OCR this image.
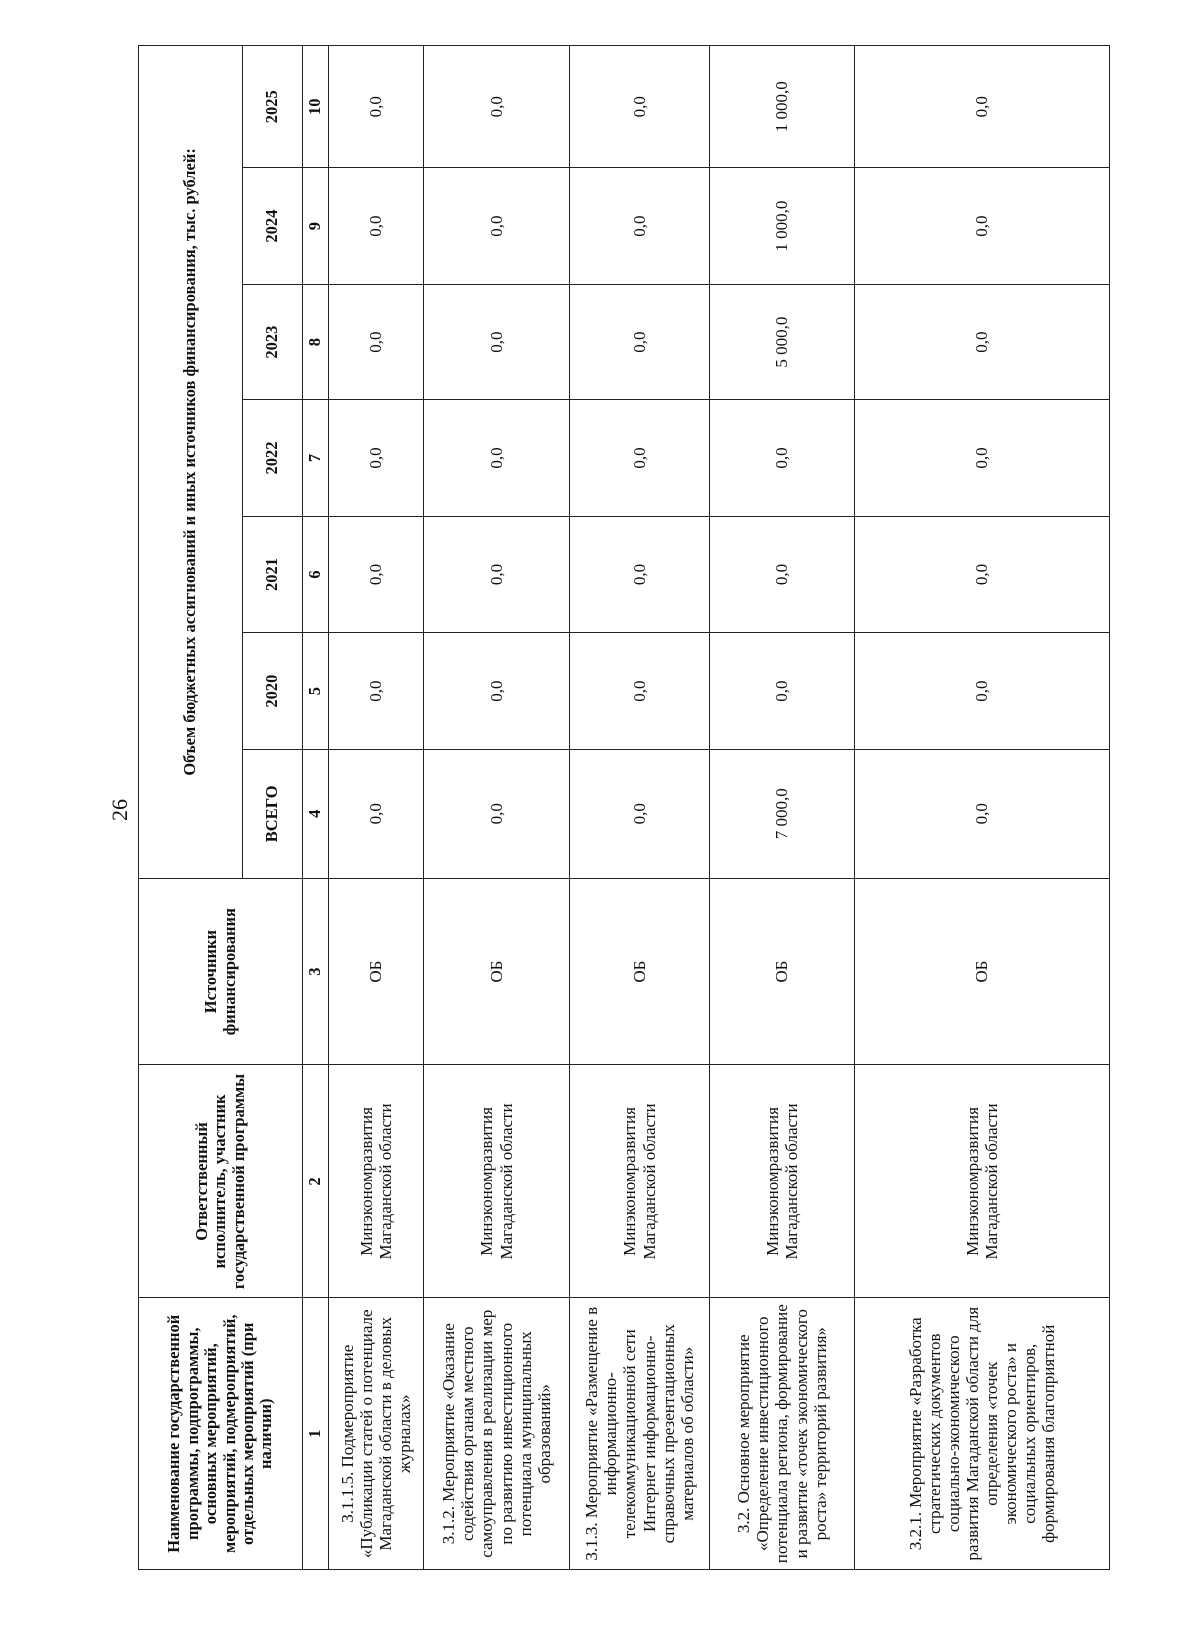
26
Наименование государственной программы, подпрограммы, основных мероприятий, мероприятий, подмероприятий, отдельных мероприятий (при наличии)	Ответственный исполнитель, участник государственной программы	Источники финансирования	Объем бюджетных ассигнований и иных источников финансирования, тыс. рублей:						
			ВСЕГО	2020	2021	2022	2023	2024	2025
1	2	3	4	5	6	7	8	9	10
3.1.1.5. Подмероприятие «Публикации статей о потенциале Магаданской области в деловых журналах»	Минэкономразвития Магаданской области	ОБ	0,0	0,0	0,0	0,0	0,0	0,0	0,0
3.1.2. Мероприятие «Оказание содействия органам местного самоуправления в реализации мер по развитию инвестиционного потенциала муниципальных образований»	Минэкономразвития Магаданской области	ОБ	0,0	0,0	0,0	0,0	0,0	0,0	0,0
3.1.3. Мероприятие «Размещение в информационно-телекоммуникационной сети Интернет информационно-справочных презентационных материалов об области»	Минэкономразвития Магаданской области	ОБ	0,0	0,0	0,0	0,0	0,0	0,0	0,0
3.2. Основное мероприятие «Определение инвестиционного потенциала региона, формирование и развитие «точек экономического роста» территорий развития»	Минэкономразвития Магаданской области	ОБ	7 000,0	0,0	0,0	0,0	5 000,0	1 000,0	1 000,0
3.2.1. Мероприятие «Разработка стратегических документов социально-экономического развития Магаданской области для определения «точек экономического роста» и социальных ориентиров, формирования благоприятной	Минэкономразвития Магаданской области	ОБ	0,0	0,0	0,0	0,0	0,0	0,0	0,0
